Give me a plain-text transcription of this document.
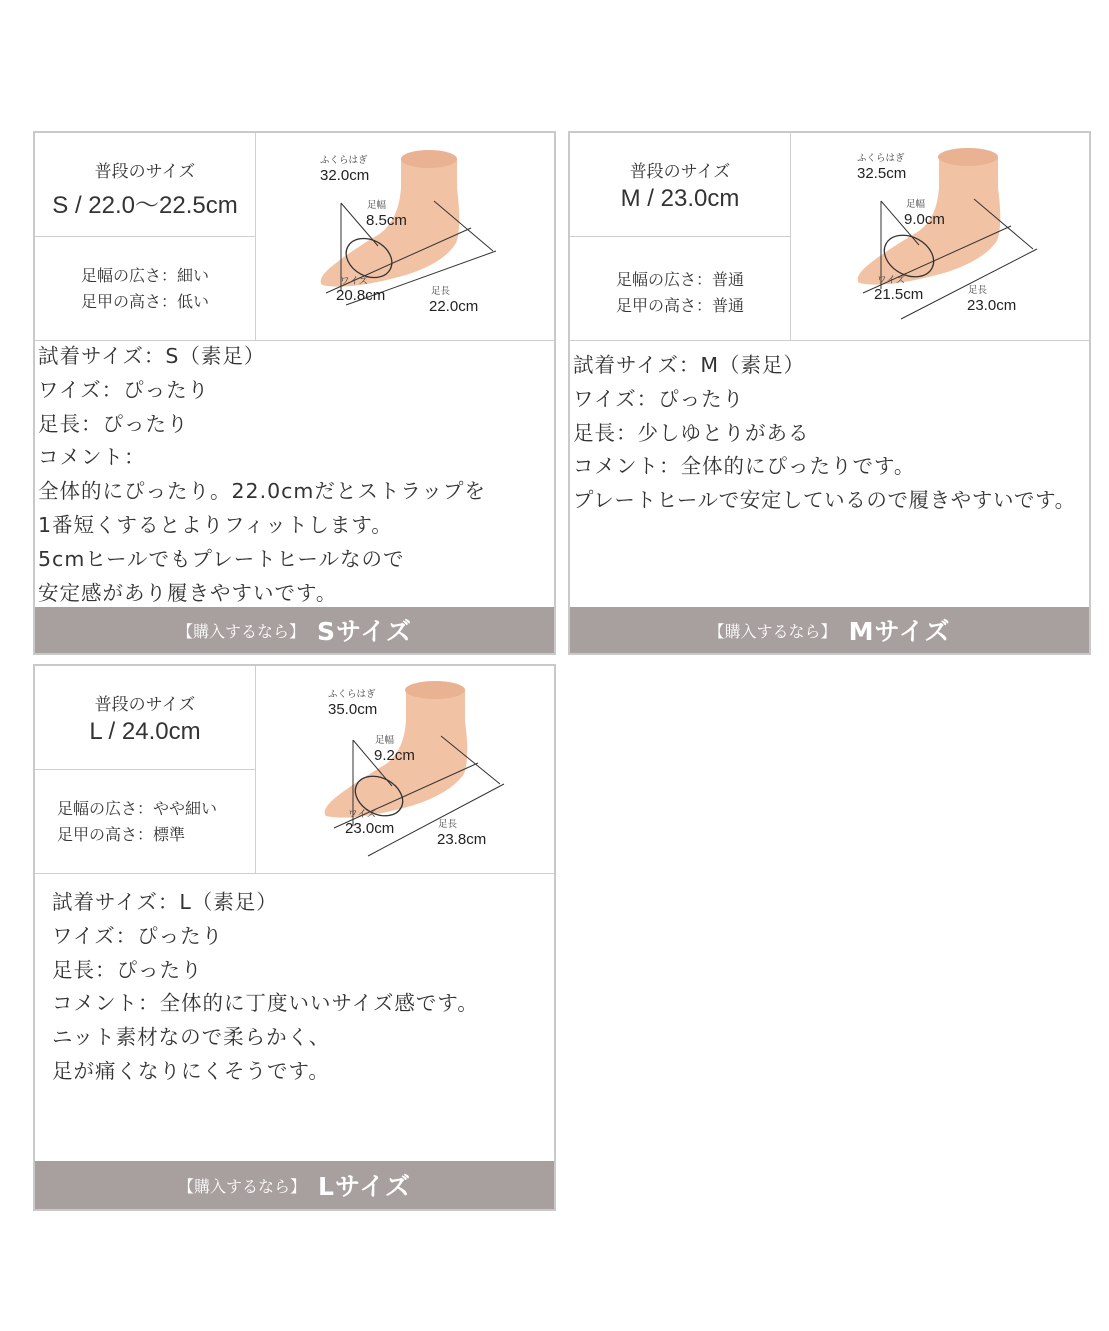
普段のサイズ
S / 22.0〜22.5cm
足幅の広さ：細い
足甲の高さ：低い
ふくらはぎ
32.0cm
足幅
8.5cm
ワイズ
20.8cm	足長
22.0cm
試着サイズ：S（素足）
ワイズ：ぴったり
足長：ぴったり
コメント：
全体的にぴったり。22.0cmだとストラップを
1番短くするとよりフィットします。
5cmヒールでもプレートヒールなので
安定感があり履きやすいです。
【購入するなら】 Sサイズ
普段のサイズ
M / 23.0cm
足幅の広さ：普通
足甲の高さ：普通
ふくらはぎ
32.5cm
足幅
9.0cm
ワイズ
21.5cm	足長
23.0cm
試着サイズ：M（素足）
ワイズ：ぴったり
足長：少しゆとりがある
コメント：全体的にぴったりです。
プレートヒールで安定しているので履きやすいです。
【購入するなら】 Mサイズ
普段のサイズ
L / 24.0cm
足幅の広さ：やや細い
足甲の高さ：標準
ふくらはぎ
35.0cm
足幅
9.2cm
ワイズ
23.0cm	足長
23.8cm
試着サイズ：L（素足）
ワイズ：ぴったり
足長：ぴったり
コメント：全体的に丁度いいサイズ感です。
ニット素材なので柔らかく、
足が痛くなりにくそうです。
【購入するなら】 Lサイズ
